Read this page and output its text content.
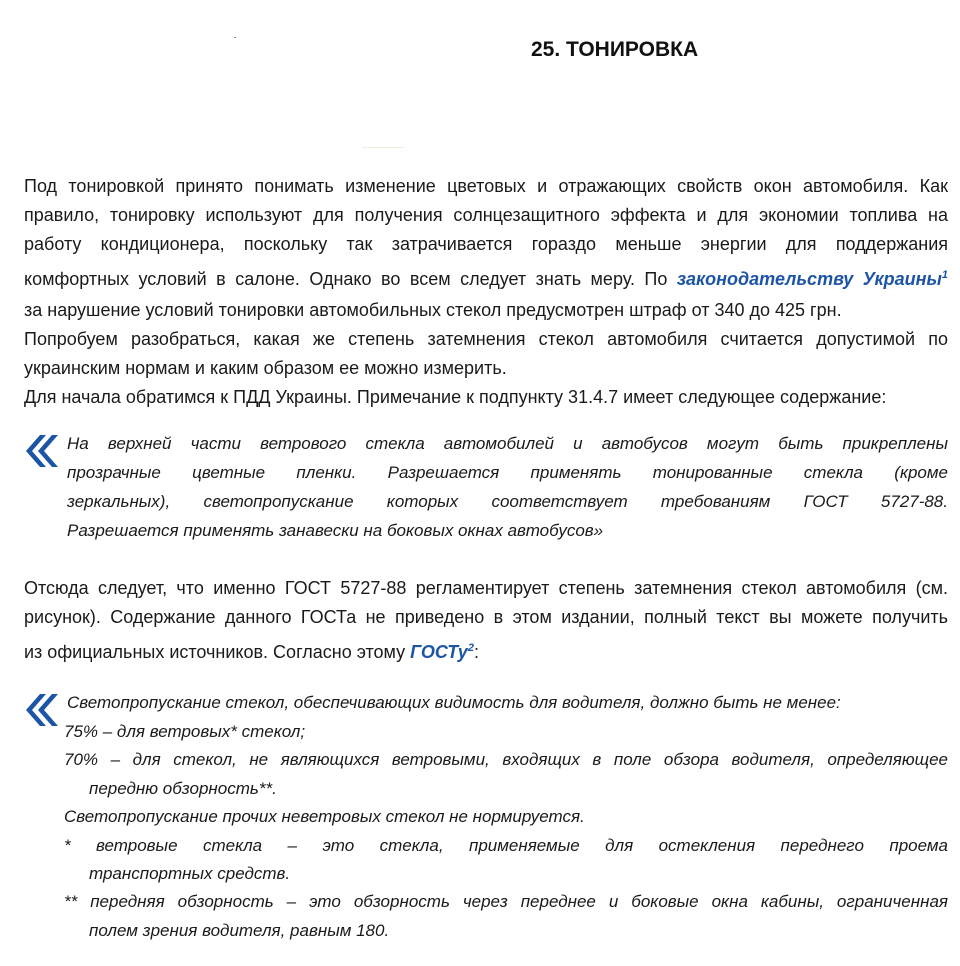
25. ТОНИРОВКА

Под тонировкой принято понимать изменение цветовых и отражающих свойств окон автомобиля. Как
правило, тонировку используют для получения солнцезащитного эффекта и для экономии топлива на
работу кондиционера, поскольку так затрачивается гораздо меньше энергии для поддержания
комфортных условий в салоне. Однако во всем следует знать меру. По законодательству Украины$^1$
за нарушение условий тонировки автомобильных стекол предусмотрен штраф от 340 до 425 грн.
Попробуем разобраться, какая же степень затемнения стекол автомобиля считается допустимой по
украинским нормам и каким образом ее можно измерить.
Для начала обратимся к ПДД Украины. Примечание к подпункту 31.4.7 имеет следующее содержание:

На верхней части ветрового стекла автомобилей и автобусов могут быть прикреплены
прозрачные цветные пленки. Разрешается применять тонированные стекла (кроме
зеркальных), светопропускание которых соответствует требованиям ГОСТ 5727-88.
Разрешается применять занавески на боковых окнах автобусов»

Отсюда следует, что именно ГОСТ 5727-88 регламентирует степень затемнения стекол автомобиля (см.
рисунок). Содержание данного ГОСТа не приведено в этом издании, полный текст вы можете получить
из официальных источников. Согласно этому ГОСТу$^2$:

Светопропускание стекол, обеспечивающих видимость для водителя, должно быть не менее:
75% – для ветровых* стекол;
70% – для стекол, не являющихся ветровыми, входящих в поле обзора водителя, определяющее
передню обзорность**.
Светопропускание прочих неветровых стекол не нормируется.
*  ветровые  стекла  –  это  стекла,  применяемые  для  остекления  переднего  проема
транспортных средств.
** передняя обзорность – это обзорность через переднее и боковые окна кабины, ограниченная
полем зрения водителя, равным 180.
